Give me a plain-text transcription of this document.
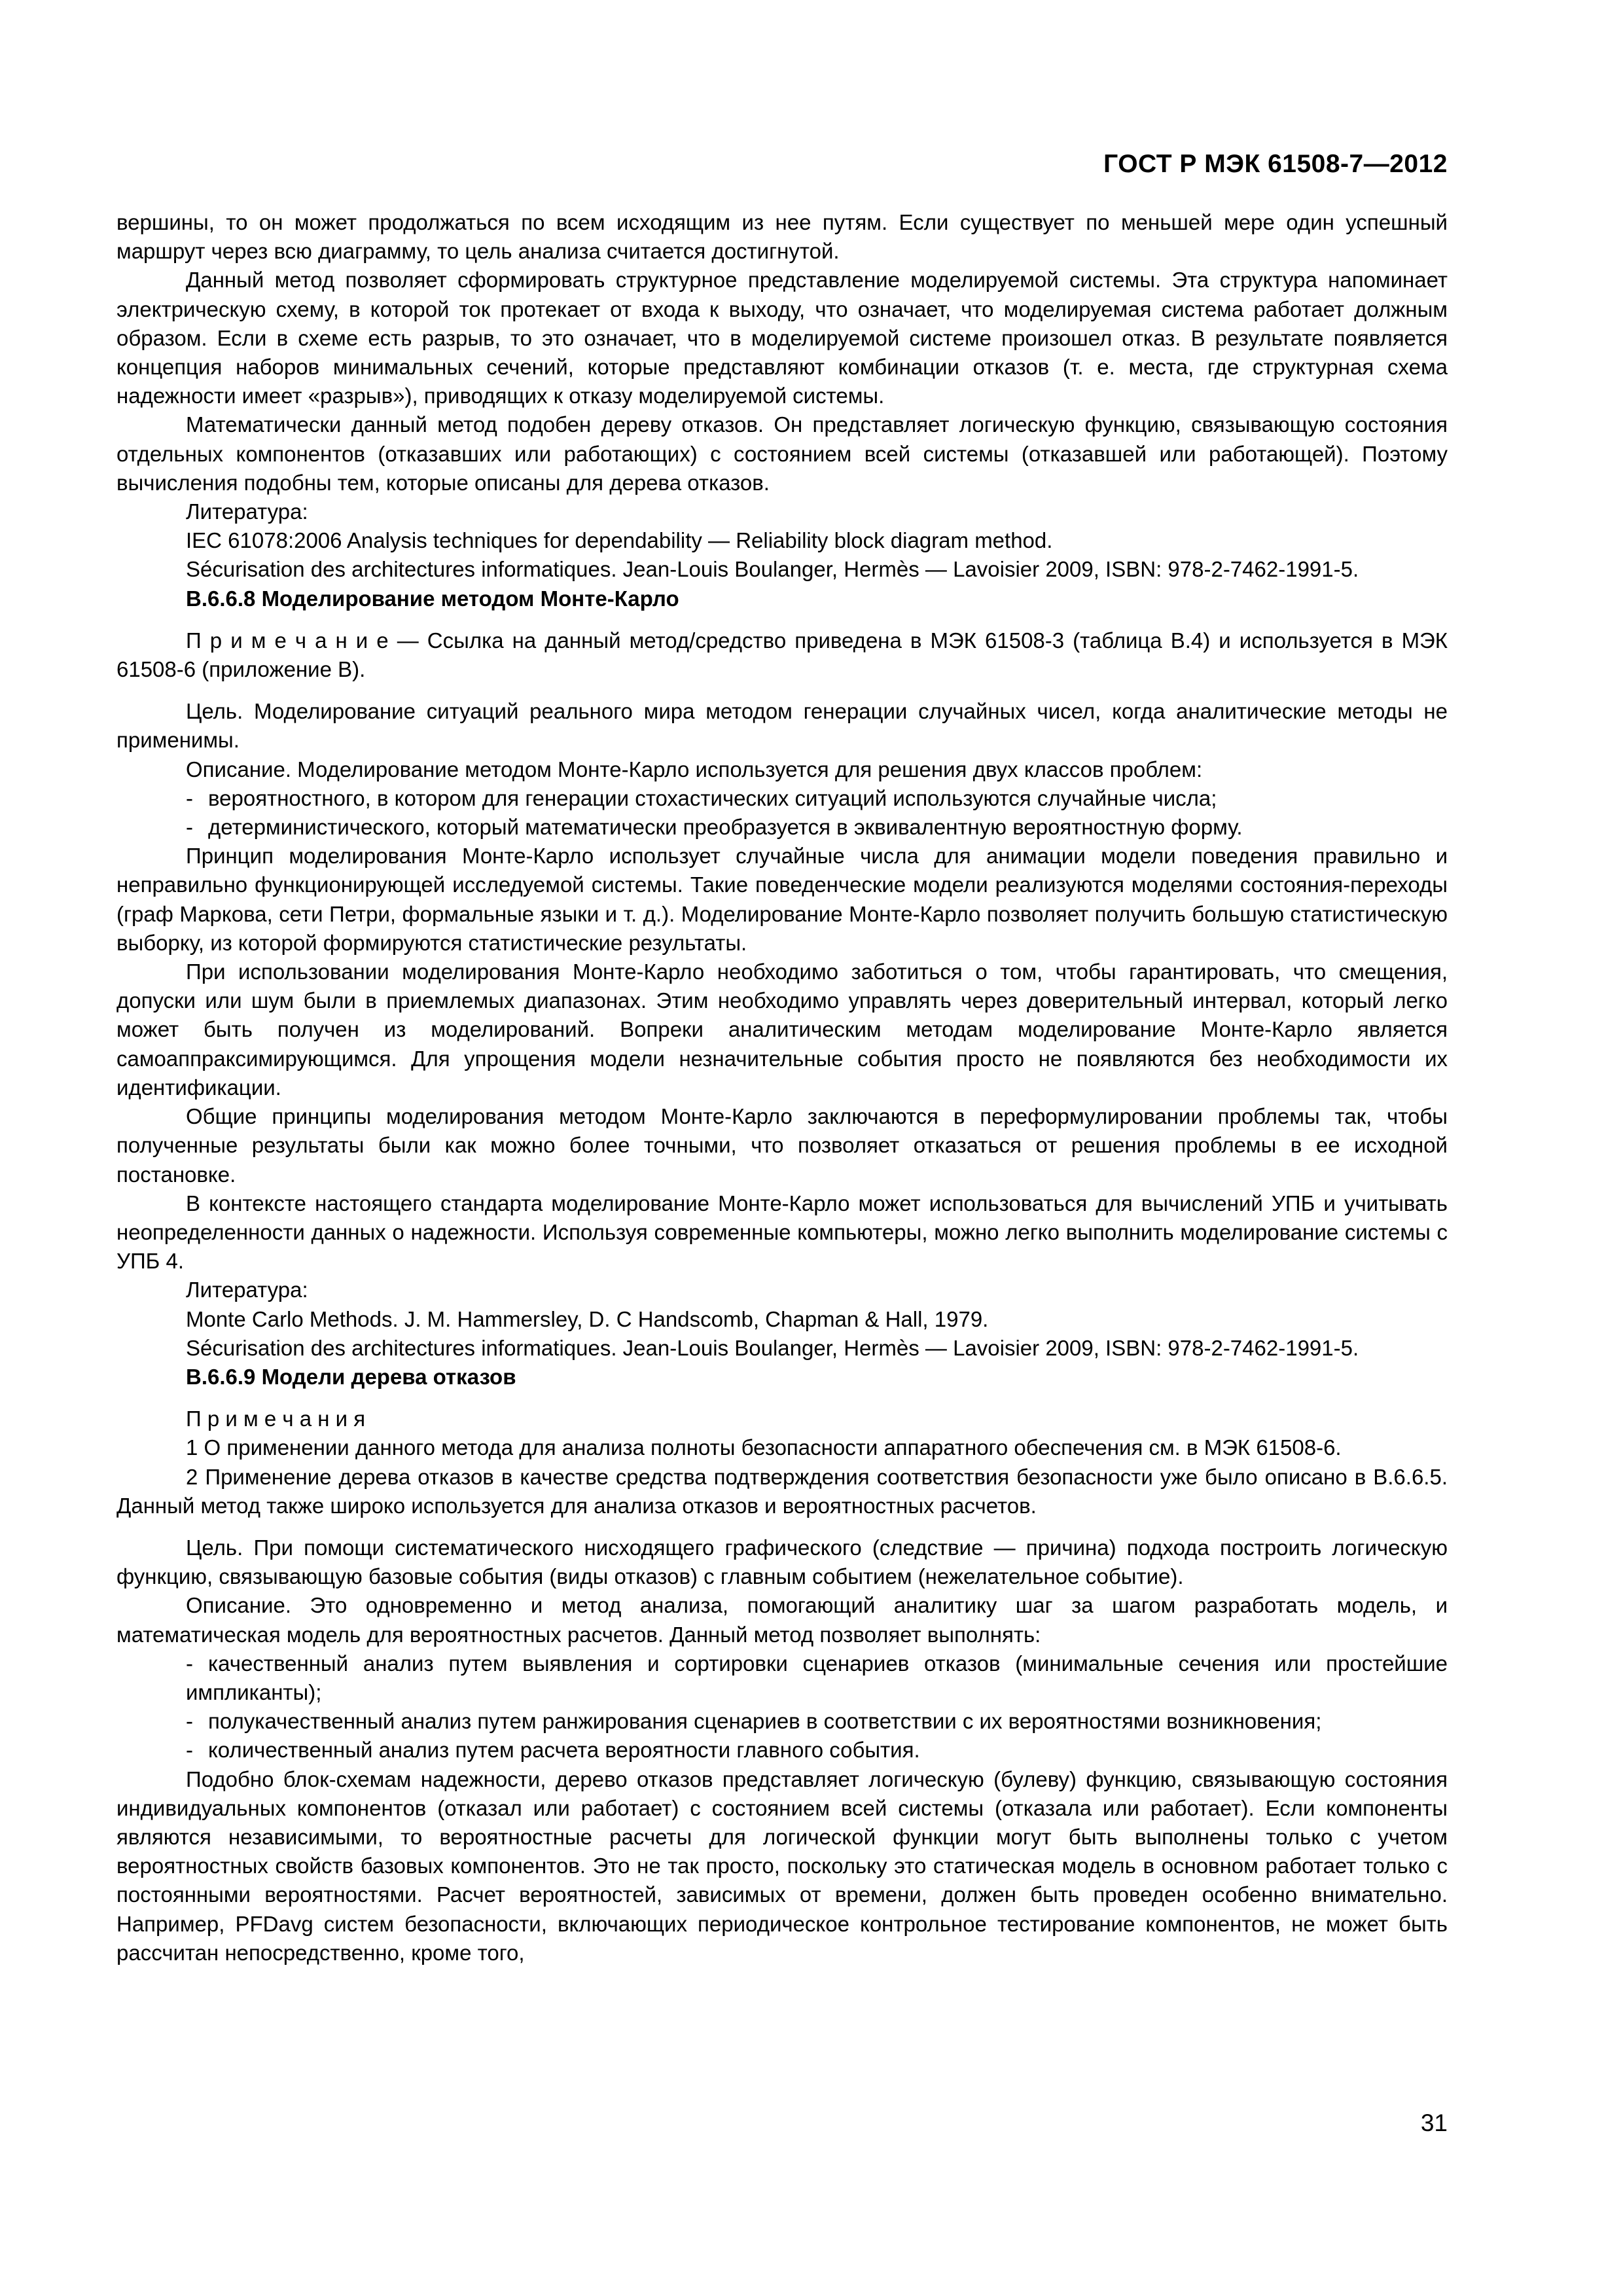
ГОСТ Р МЭК 61508-7—2012

вершины, то он может продолжаться по всем исходящим из нее путям. Если существует по меньшей мере один успешный маршрут через всю диаграмму, то цель анализа считается достигнутой.

Данный метод позволяет сформировать структурное представление моделируемой системы. Эта структура напоминает электрическую схему, в которой ток протекает от входа к выходу, что означает, что моделируемая система работает должным образом. Если в схеме есть разрыв, то это означает, что в моделируемой системе произошел отказ. В результате появляется концепция наборов минимальных сечений, которые представляют комбинации отказов (т. е. места, где структурная схема надежности имеет «разрыв»), приводящих к отказу моделируемой системы.

Математически данный метод подобен дереву отказов. Он представляет логическую функцию, связывающую состояния отдельных компонентов (отказавших или работающих) с состоянием всей системы (отказавшей или работающей). Поэтому вычисления подобны тем, которые описаны для дерева отказов.

Литература:

IEC 61078:2006 Analysis techniques for dependability — Reliability block diagram method.

Sécurisation des architectures informatiques. Jean-Louis Boulanger, Hermès — Lavoisier 2009, ISBN: 978-2-7462-1991-5.

В.6.6.8 Моделирование методом Монте-Карло

П р и м е ч а н и е — Ссылка на данный метод/средство приведена в МЭК 61508-3 (таблица В.4) и используется в МЭК 61508-6 (приложение В).

Цель. Моделирование ситуаций реального мира методом генерации случайных чисел, когда аналитические методы не применимы.

Описание. Моделирование методом Монте-Карло используется для решения двух классов проблем:

- вероятностного, в котором для генерации стохастических ситуаций используются случайные числа;

- детерминистического, который математически преобразуется в эквивалентную вероятностную форму.

Принцип моделирования Монте-Карло использует случайные числа для анимации модели поведения правильно и неправильно функционирующей исследуемой системы. Такие поведенческие модели реализуются моделями состояния-переходы (граф Маркова, сети Петри, формальные языки и т. д.). Моделирование Монте-Карло позволяет получить большую статистическую выборку, из которой формируются статистические результаты.

При использовании моделирования Монте-Карло необходимо заботиться о том, чтобы гарантировать, что смещения, допуски или шум были в приемлемых диапазонах. Этим необходимо управлять через доверительный интервал, который легко может быть получен из моделирований. Вопреки аналитическим методам моделирование Монте-Карло является самоаппраксимирующимся. Для упрощения модели незначительные события просто не появляются без необходимости их идентификации.

Общие принципы моделирования методом Монте-Карло заключаются в переформулировании проблемы так, чтобы полученные результаты были как можно более точными, что позволяет отказаться от решения проблемы в ее исходной постановке.

В контексте настоящего стандарта моделирование Монте-Карло может использоваться для вычислений УПБ и учитывать неопределенности данных о надежности. Используя современные компьютеры, можно легко выполнить моделирование системы с УПБ 4.

Литература:

Monte Carlo Methods. J. M. Hammersley, D. C Handscomb, Chapman & Hall, 1979.

Sécurisation des architectures informatiques. Jean-Louis Boulanger, Hermès — Lavoisier 2009, ISBN: 978-2-7462-1991-5.

В.6.6.9 Модели дерева отказов

П р и м е ч а н и я

1 О применении данного метода для анализа полноты безопасности аппаратного обеспечения см. в МЭК 61508-6.

2 Применение дерева отказов в качестве средства подтверждения соответствия безопасности уже было описано в В.6.6.5. Данный метод также широко используется для анализа отказов и вероятностных расчетов.

Цель. При помощи систематического нисходящего графического (следствие — причина) подхода построить логическую функцию, связывающую базовые события (виды отказов) с главным событием (нежелательное событие).

Описание. Это одновременно и метод анализа, помогающий аналитику шаг за шагом разработать модель, и математическая модель для вероятностных расчетов. Данный метод позволяет выполнять:

- качественный анализ путем выявления и сортировки сценариев отказов (минимальные сечения или простейшие импликанты);

- полукачественный анализ путем ранжирования сценариев в соответствии с их вероятностями возникновения;

- количественный анализ путем расчета вероятности главного события.

Подобно блок-схемам надежности, дерево отказов представляет логическую (булеву) функцию, связывающую состояния индивидуальных компонентов (отказал или работает) с состоянием всей системы (отказала или работает). Если компоненты являются независимыми, то вероятностные расчеты для логической функции могут быть выполнены только с учетом вероятностных свойств базовых компонентов. Это не так просто, поскольку это статическая модель в основном работает только с постоянными вероятностями. Расчет вероятностей, зависимых от времени, должен быть проведен особенно внимательно. Например, PFDavg систем безопасности, включающих периодическое контрольное тестирование компонентов, не может быть рассчитан непосредственно, кроме того,

31
